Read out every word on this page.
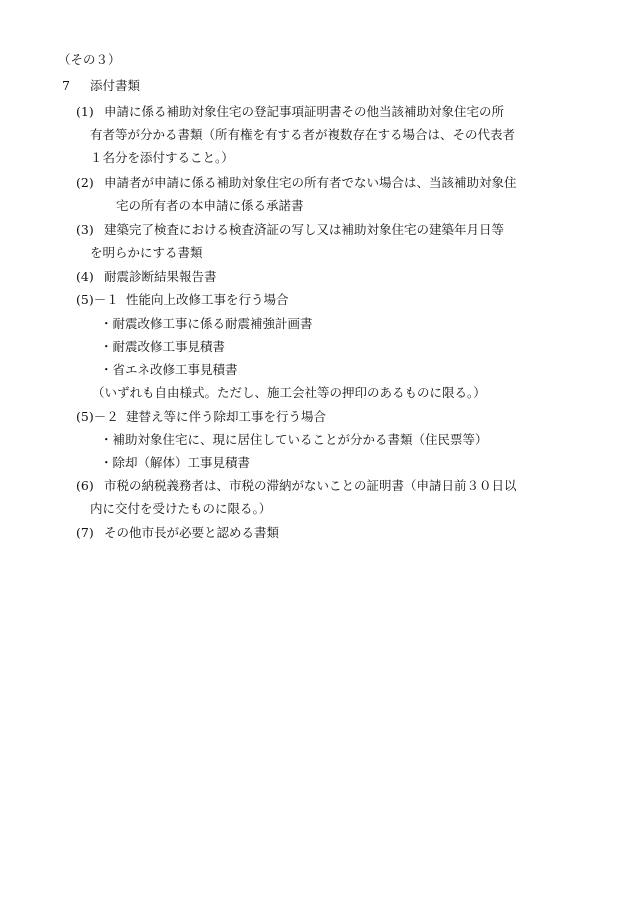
（その３）
7 添付書類
(1) 申請に係る補助対象住宅の登記事項証明書その他当該補助対象住宅の所
有者等が分かる書類（所有権を有する者が複数存在する場合は、その代表者
１名分を添付すること。）
(2) 申請者が申請に係る補助対象住宅の所有者でない場合は、当該補助対象住
宅の所有者の本申請に係る承諾書
(3) 建築完了検査における検査済証の写し又は補助対象住宅の建築年月日等
を明らかにする書類
(4) 耐震診断結果報告書
(5)－１ 性能向上改修工事を行う場合
・耐震改修工事に係る耐震補強計画書
・耐震改修工事見積書
・省エネ改修工事見積書
（いずれも自由様式。ただし、施工会社等の押印のあるものに限る。）
(5)－２ 建替え等に伴う除却工事を行う場合
・補助対象住宅に、現に居住していることが分かる書類（住民票等）
・除却（解体）工事見積書
(6) 市税の納税義務者は、市税の滞納がないことの証明書（申請日前３０日以
内に交付を受けたものに限る。）
(7) その他市長が必要と認める書類
